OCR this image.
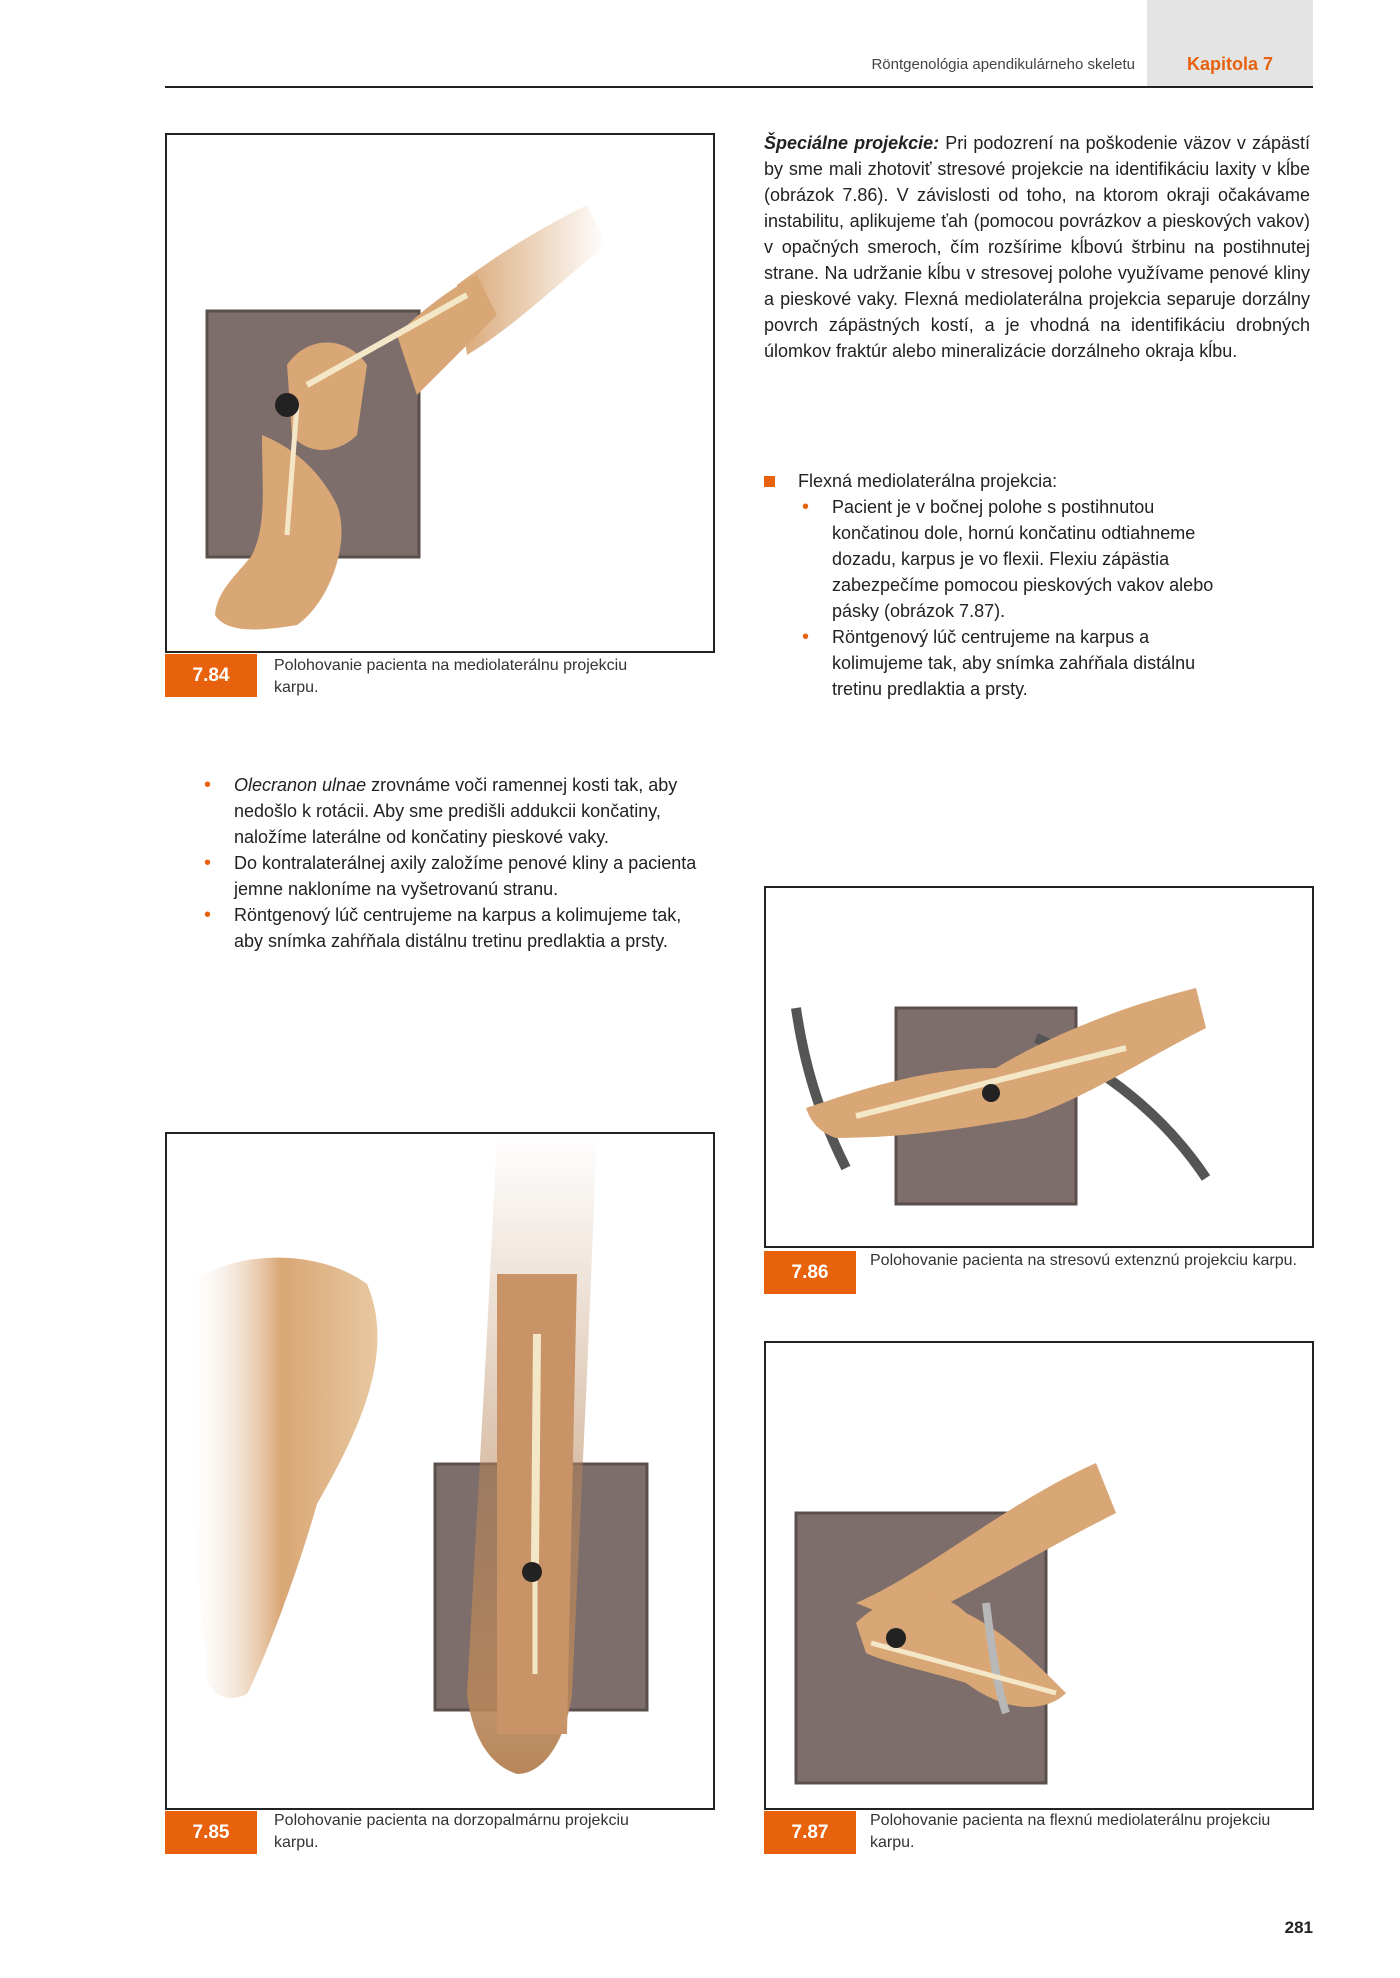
Röntgenológia apendikulárneho skeletu	Kapitola 7
7.84	Polohovanie pacienta na mediolaterálnu projekciu karpu.
7.85
Polohovanie pacienta na dorzopalmárnu projekciu karpu.
7.86
Polohovanie pacienta na stresovú extenznú projekciu karpu.
7.87
Polohovanie pacienta na flexnú mediolaterálnu projekciu karpu.
• Olecranon ulnae zrovnáme voči ramennej kosti tak, aby nedošlo k rotácii. Aby sme predišli addukcii končatiny, naložíme laterálne od končatiny pieskové vaky.
• Do kontralaterálnej axily založíme penové kliny a pacienta jemne nakloníme na vyšetrovanú stranu.
• Röntgenový lúč centrujeme na karpus a kolimujeme tak, aby snímka zahŕňala distálnu tretinu predlaktia a prsty.
Špeciálne projekcie: Pri podozrení na poškodenie väzov v zápästí by sme mali zhotoviť stresové projekcie na identifikáciu laxity v kĺbe (obrázok 7.86). V závislosti od toho, na ktorom okraji očakávame instabilitu, aplikujeme ťah (pomocou povrázkov a pieskových vakov) v opačných smeroch, čím rozšírime kĺbovú štrbinu na postihnutej strane. Na udržanie kĺbu v stresovej polohe využívame penové kliny a pieskové vaky. Flexná mediolaterálna projekcia separuje dorzálny povrch zápästných kostí, a je vhodná na identifikáciu drobných úlomkov fraktúr alebo mineralizácie dorzálneho okraja kĺbu.
Flexná mediolaterálna projekcia:
• Pacient je v bočnej polohe s postihnutou končatinou dole, hornú končatinu odtiahneme dozadu, karpus je vo flexii. Flexiu zápästia zabezpečíme pomocou pieskových vakov alebo pásky (obrázok 7.87).
• Röntgenový lúč centrujeme na karpus a kolimujeme tak, aby snímka zahŕňala distálnu tretinu predlaktia a prsty.
281
